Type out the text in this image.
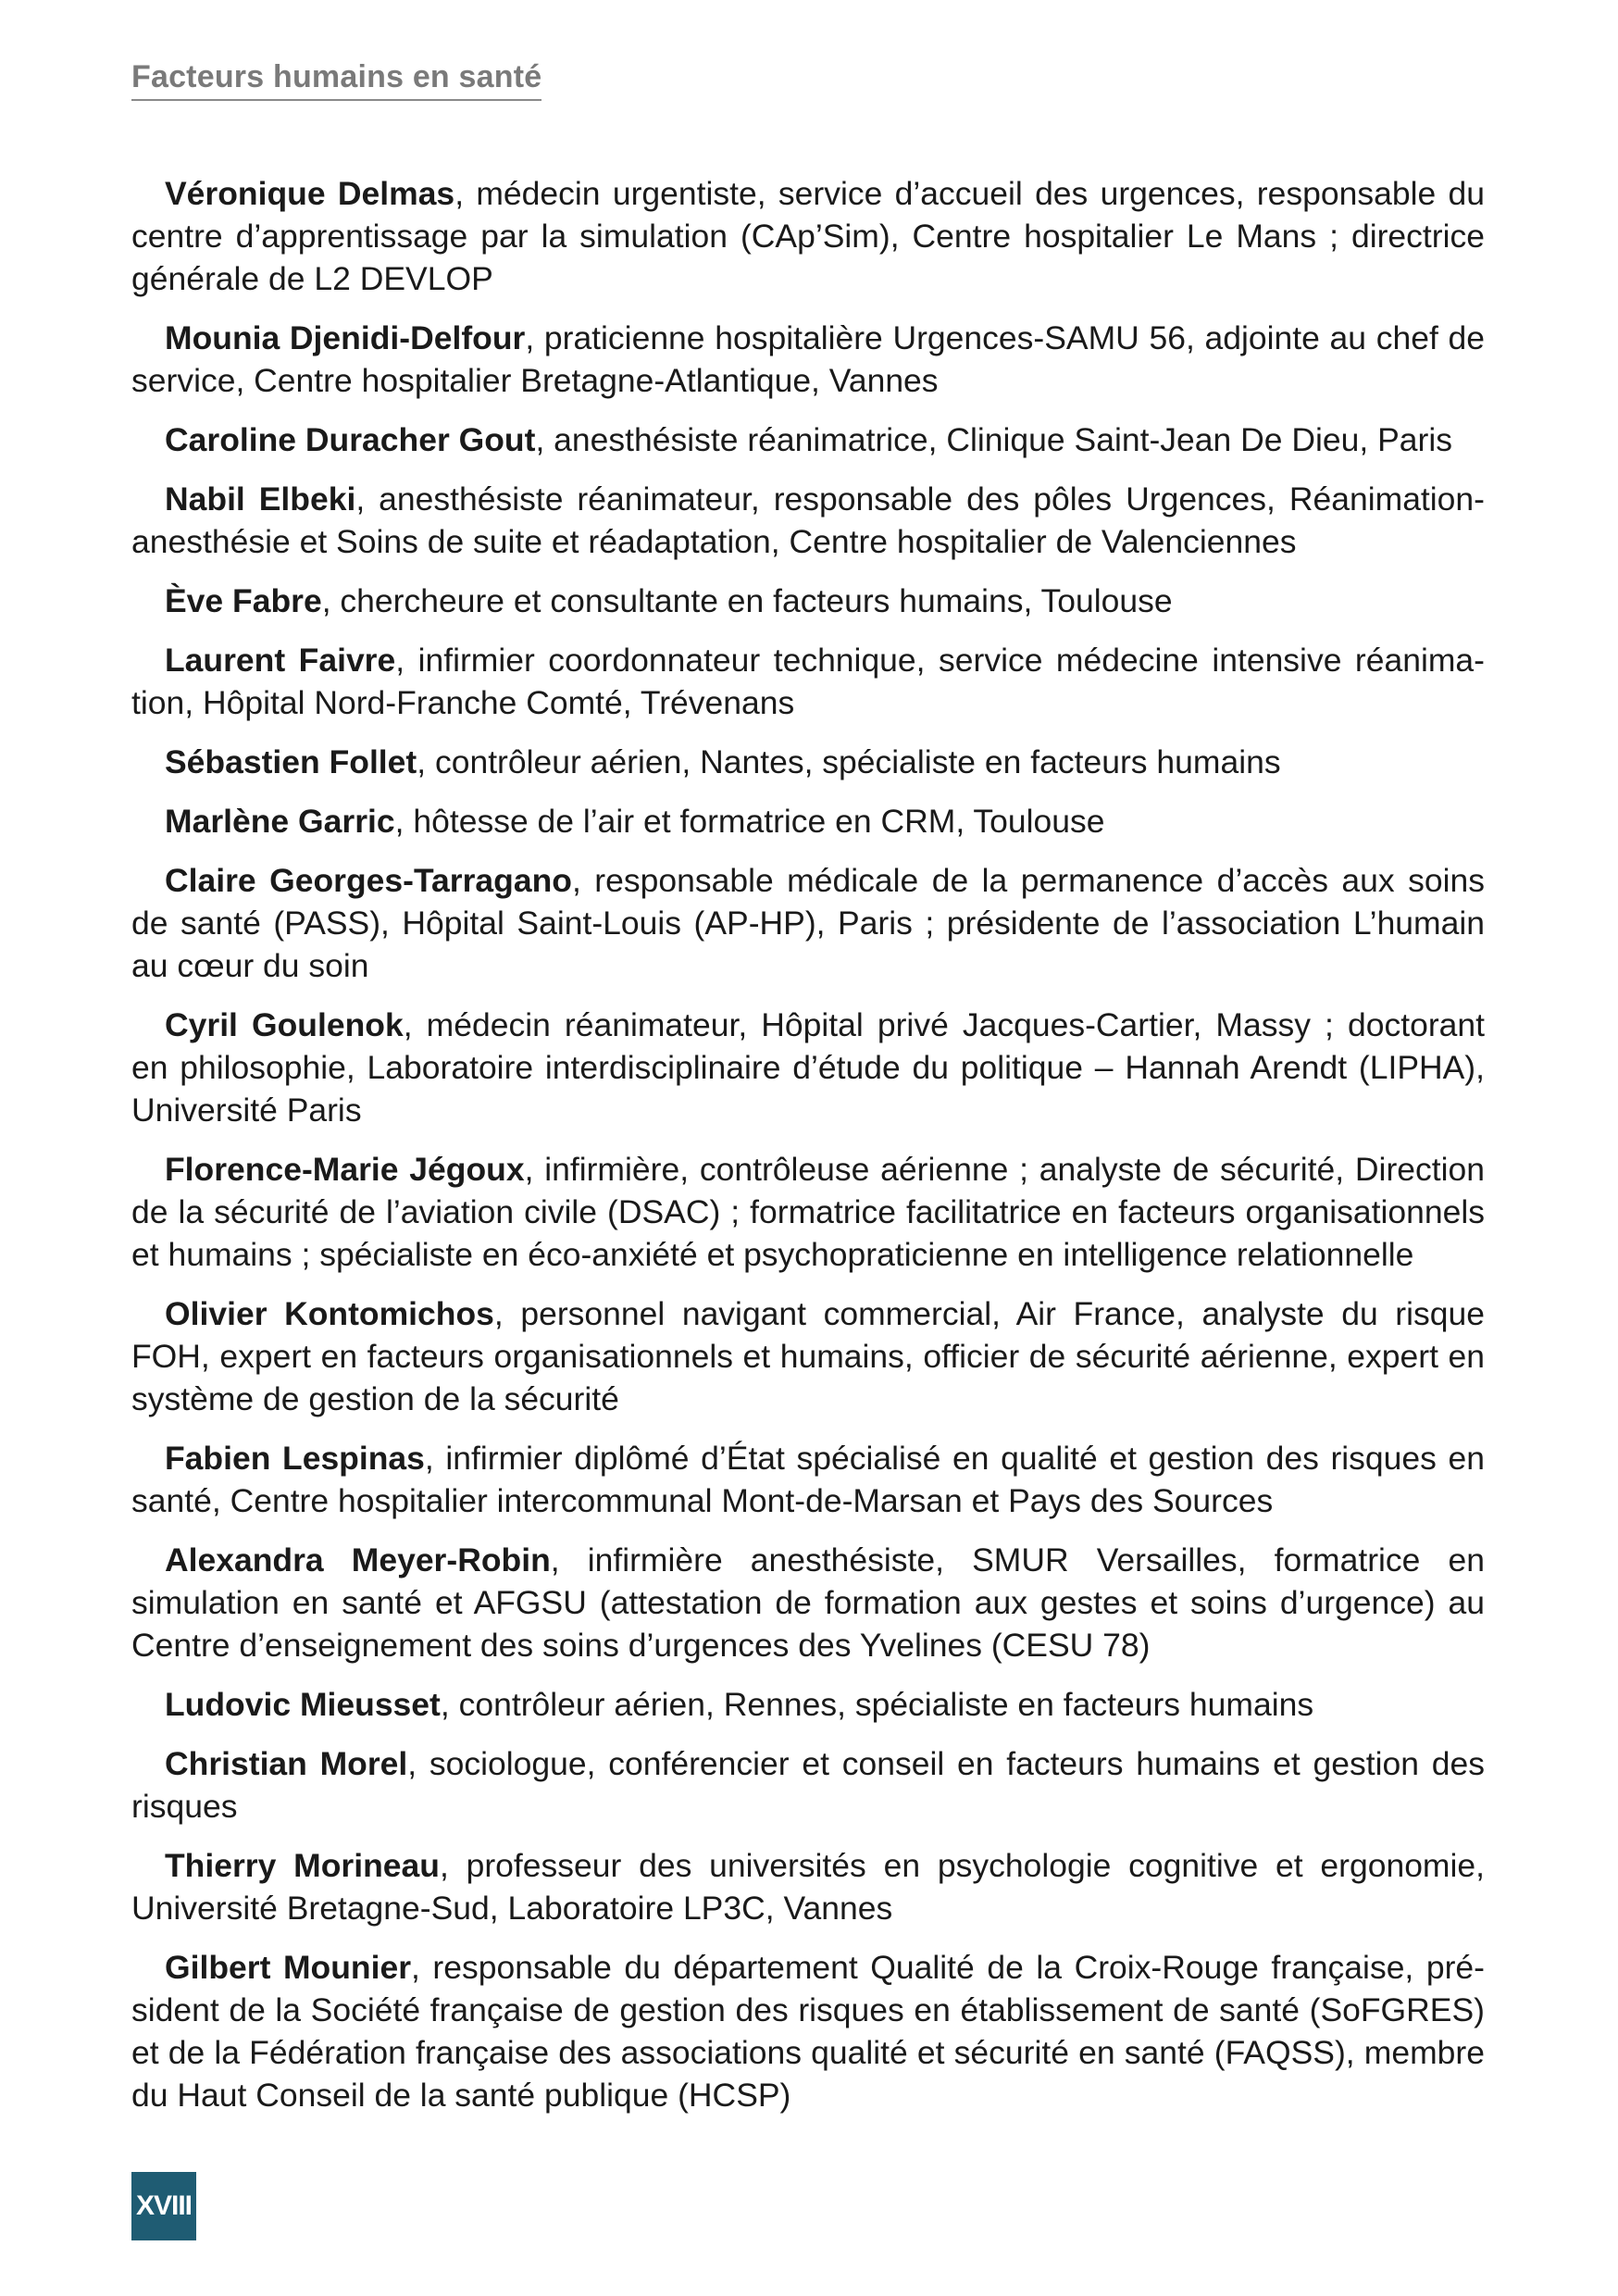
Facteurs humains en santé
Véronique Delmas, médecin urgentiste, service d’accueil des urgences, responsable du centre d’apprentissage par la simulation (CAp’Sim), Centre hospitalier Le Mans ; directrice générale de L2 DEVLOP
Mounia Djenidi-Delfour, praticienne hospitalière Urgences-SAMU 56, adjointe au chef de service, Centre hospitalier Bretagne-Atlantique, Vannes
Caroline Duracher Gout, anesthésiste réanimatrice, Clinique Saint-Jean De Dieu, Paris
Nabil Elbeki, anesthésiste réanimateur, responsable des pôles Urgences, Réanimation-anesthésie et Soins de suite et réadaptation, Centre hospitalier de Valenciennes
Ève Fabre, chercheure et consultante en facteurs humains, Toulouse
Laurent Faivre, infirmier coordonnateur technique, service médecine intensive réanimation, Hôpital Nord-Franche Comté, Trévenans
Sébastien Follet, contrôleur aérien, Nantes, spécialiste en facteurs humains
Marlène Garric, hôtesse de l’air et formatrice en CRM, Toulouse
Claire Georges-Tarragano, responsable médicale de la permanence d’accès aux soins de santé (PASS), Hôpital Saint-Louis (AP-HP), Paris ; présidente de l’association L’humain au cœur du soin
Cyril Goulenok, médecin réanimateur, Hôpital privé Jacques-Cartier, Massy ; doctorant en philosophie, Laboratoire interdisciplinaire d’étude du politique – Hannah Arendt (LIPHA), Université Paris
Florence-Marie Jégoux, infirmière, contrôleuse aérienne ; analyste de sécurité, Direction de la sécurité de l’aviation civile (DSAC) ; formatrice facilitatrice en facteurs organisationnels et humains ; spécialiste en éco-anxiété et psychopraticienne en intelligence relationnelle
Olivier Kontomichos, personnel navigant commercial, Air France, analyste du risque FOH, expert en facteurs organisationnels et humains, officier de sécurité aérienne, expert en système de gestion de la sécurité
Fabien Lespinas, infirmier diplômé d’État spécialisé en qualité et gestion des risques en santé, Centre hospitalier intercommunal Mont-de-Marsan et Pays des Sources
Alexandra Meyer-Robin, infirmière anesthésiste, SMUR Versailles, formatrice en simulation en santé et AFGSU (attestation de formation aux gestes et soins d’urgence) au Centre d’enseignement des soins d’urgences des Yvelines (CESU 78)
Ludovic Mieusset, contrôleur aérien, Rennes, spécialiste en facteurs humains
Christian Morel, sociologue, conférencier et conseil en facteurs humains et gestion des risques
Thierry Morineau, professeur des universités en psychologie cognitive et ergonomie, Université Bretagne-Sud, Laboratoire LP3C, Vannes
Gilbert Mounier, responsable du département Qualité de la Croix-Rouge française, président de la Société française de gestion des risques en établissement de santé (SoFGRES) et de la Fédération française des associations qualité et sécurité en santé (FAQSS), membre du Haut Conseil de la santé publique (HCSP)
XVIII
